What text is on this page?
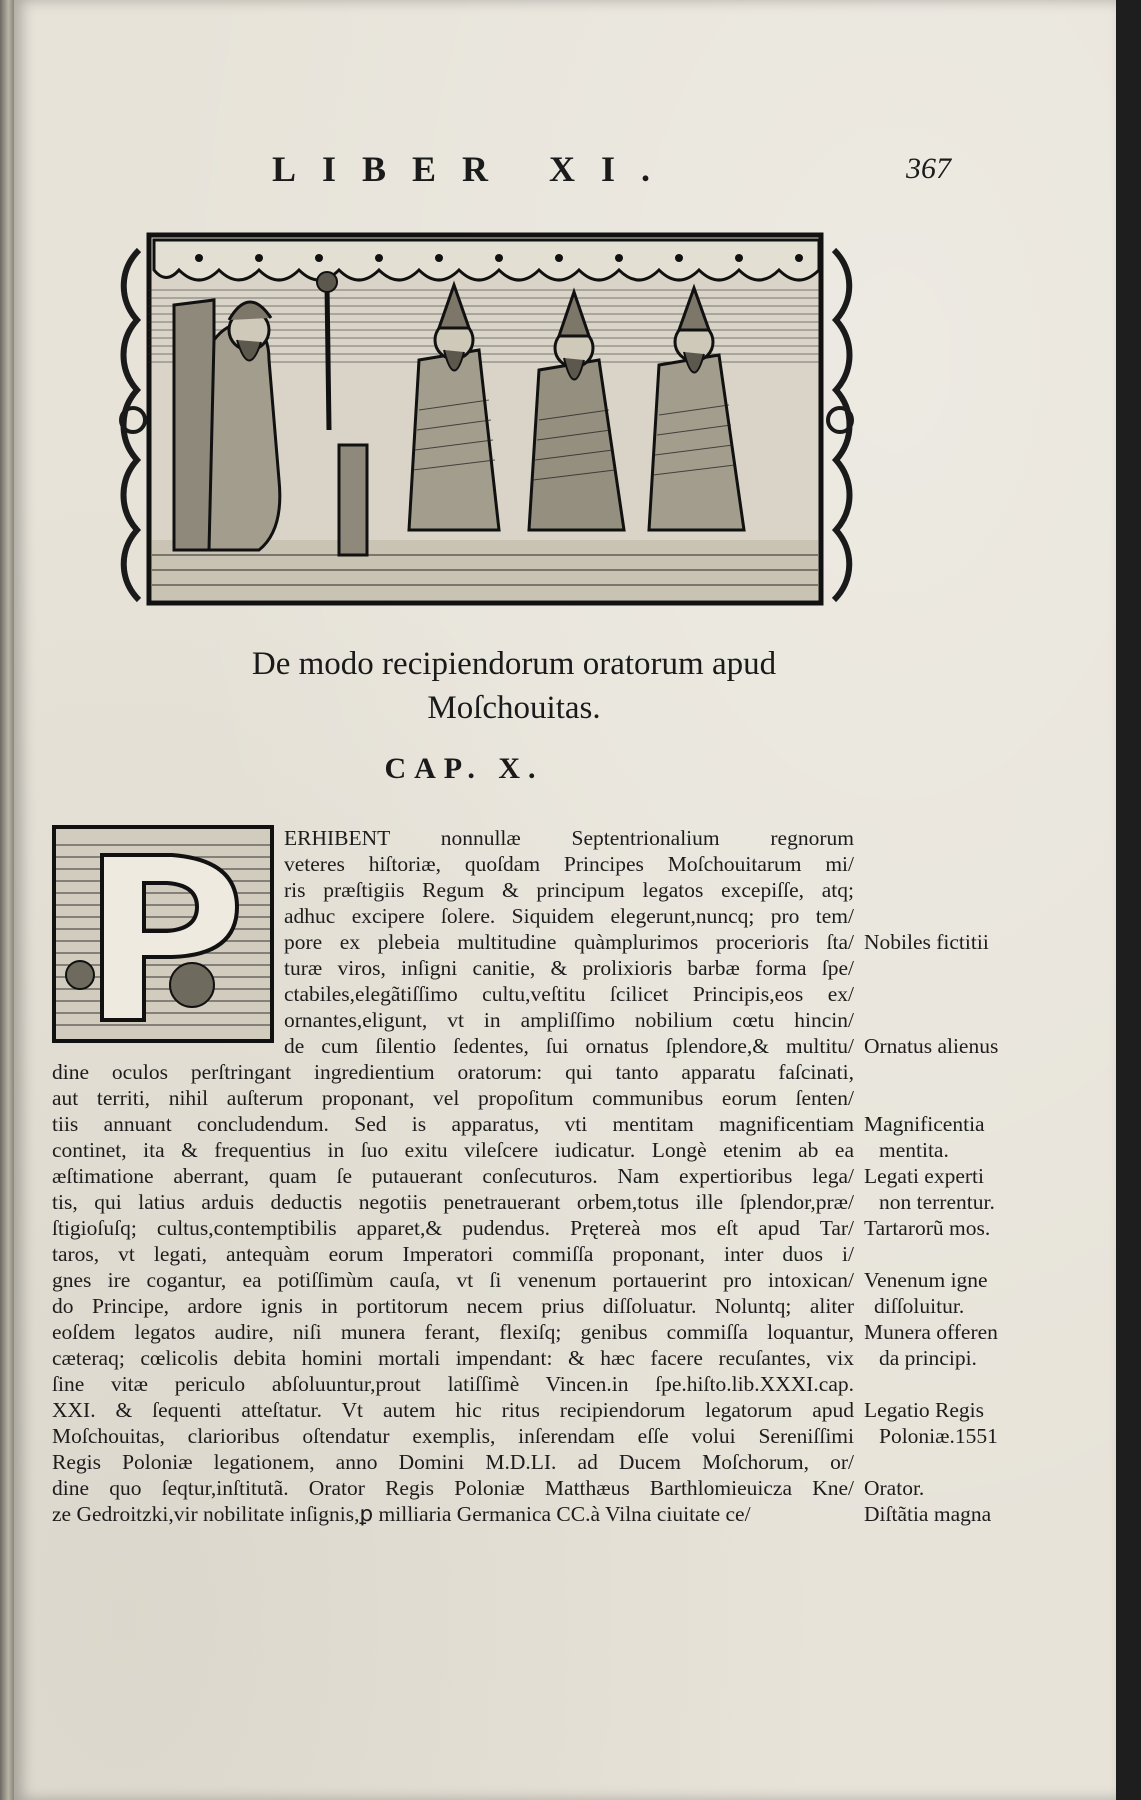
LIBER XI.	367
De modo recipiendorum oratorum apud
Moſchouitas.
CAP. X.
ERHIBENT nonnullæ Septentrionalium regnorum
veteres hiſtoriæ, quoſdam Principes Moſchouitarum mi/
ris præſtigiis Regum & principum legatos excepiſſe, atq;
adhuc excipere ſolere. Siquidem elegerunt,nuncq; pro tem/
pore ex plebeia multitudine quàmplurimos procerioris ſta/
turæ viros, inſigni canitie, & prolixioris barbæ forma ſpe/
ctabiles,elegãtiſſimo cultu,veſtitu ſcilicet Principis,eos ex/
ornantes,eligunt, vt in ampliſſimo nobilium cœtu hincin/
de cum ſilentio ſedentes, ſui ornatus ſplendore,& multitu/
dine oculos perſtringant ingredientium oratorum: qui tanto apparatu faſcinati,
aut territi, nihil auſterum proponant, vel propoſitum communibus eorum ſenten/
tiis annuant concludendum. Sed is apparatus, vti mentitam magnificentiam
continet, ita & frequentius in ſuo exitu vileſcere iudicatur. Longè etenim ab ea
æſtimatione aberrant, quam ſe putauerant conſecuturos. Nam expertioribus lega/
tis, qui latius arduis deductis negotiis penetrauerant orbem,totus ille ſplendor,præ/
ſtigioſuſq; cultus,contemptibilis apparet,& pudendus. Prętereà mos eſt apud Tar/
taros, vt legati, antequàm eorum Imperatori commiſſa proponant, inter duos i/
gnes ire cogantur, ea potiſſimùm cauſa, vt ſi venenum portauerint pro intoxican/
do Principe, ardore ignis in portitorum necem prius diſſoluatur. Noluntq; aliter
eoſdem legatos audire, niſi munera ferant, flexiſq; genibus commiſſa loquantur,
cæteraq; cœlicolis debita homini mortali impendant: & hæc facere recuſantes, vix
ſine vitæ periculo abſoluuntur,prout latiſſimè Vincen.in ſpe.hiſto.lib.XXXI.cap.
XXI. & ſequenti atteſtatur. Vt autem hic ritus recipiendorum legatorum apud
Moſchouitas, clarioribus oſtendatur exemplis, inſerendam eſſe volui Sereniſſimi
Regis Poloniæ legationem, anno Domini M.D.LI. ad Ducem Moſchorum, or/
dine quo ſeqtur,inſtitutã. Orator Regis Poloniæ Matthæus Barthlomieuicza Kne/
ze Gedroitzki,vir nobilitate inſignis,ꝑ milliaria Germanica CC.à Vilna ciuitate ce/
Nobiles fictitii
Ornatus alienus
Magnificentia
mentita.
Legati experti
non terrentur.
Tartarorũ mos.
Venenum igne
diſſoluitur.
Munera offeren
da principi.
Legatio Regis
Poloniæ.1551
Orator.
Diſtãtia magna
